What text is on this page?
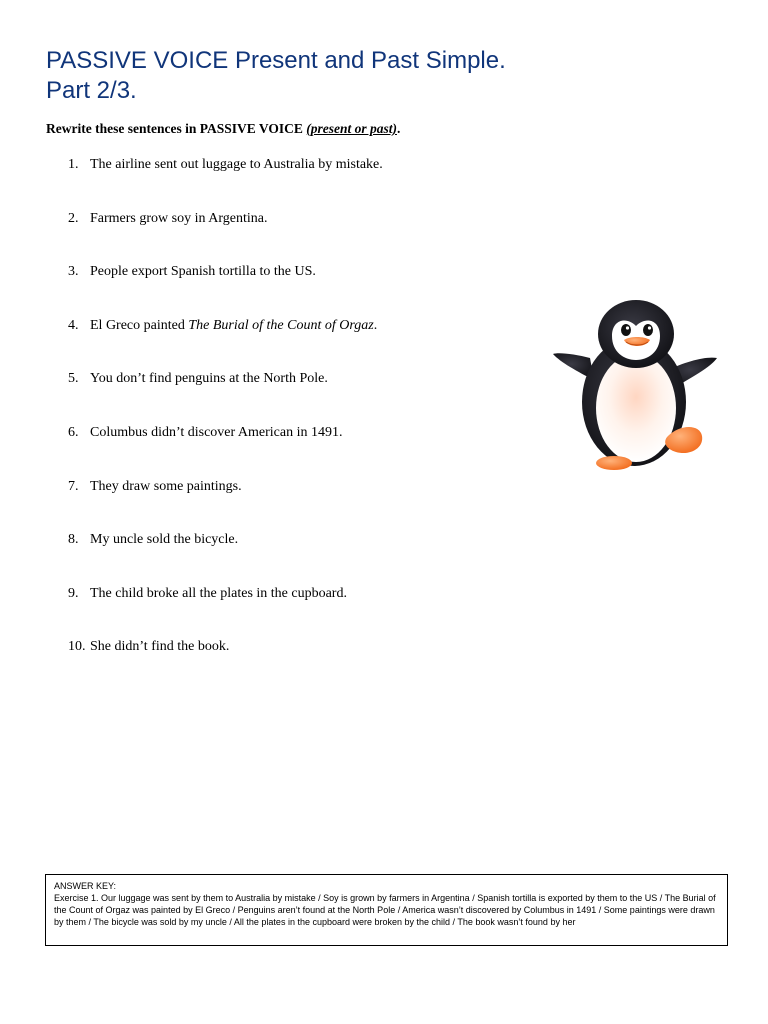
PASSIVE VOICE Present and Past Simple.
Part 2/3.

Rewrite these sentences in PASSIVE VOICE (present or past).

1. The airline sent out luggage to Australia by mistake.
2. Farmers grow soy in Argentina.
3. People export Spanish tortilla to the US.
4. El Greco painted The Burial of the Count of Orgaz.
5. You don’t find penguins at the North Pole.
6. Columbus didn’t discover American in 1491.
7. They draw some paintings.
8. My uncle sold the bicycle.
9. The child broke all the plates in the cupboard.
10. She didn’t find the book.

ANSWER KEY:

Exercise 1. Our luggage was sent by them to Australia by mistake / Soy is grown by farmers in Argentina / Spanish tortilla is exported by them to the US / The Burial of the Count of Orgaz was painted by El Greco / Penguins aren’t found at the North Pole / America wasn’t discovered by Columbus in 1491 / Some paintings were drawn by them / The bicycle was sold by my uncle / All the plates in the cupboard were broken by the child / The book wasn’t found by her
